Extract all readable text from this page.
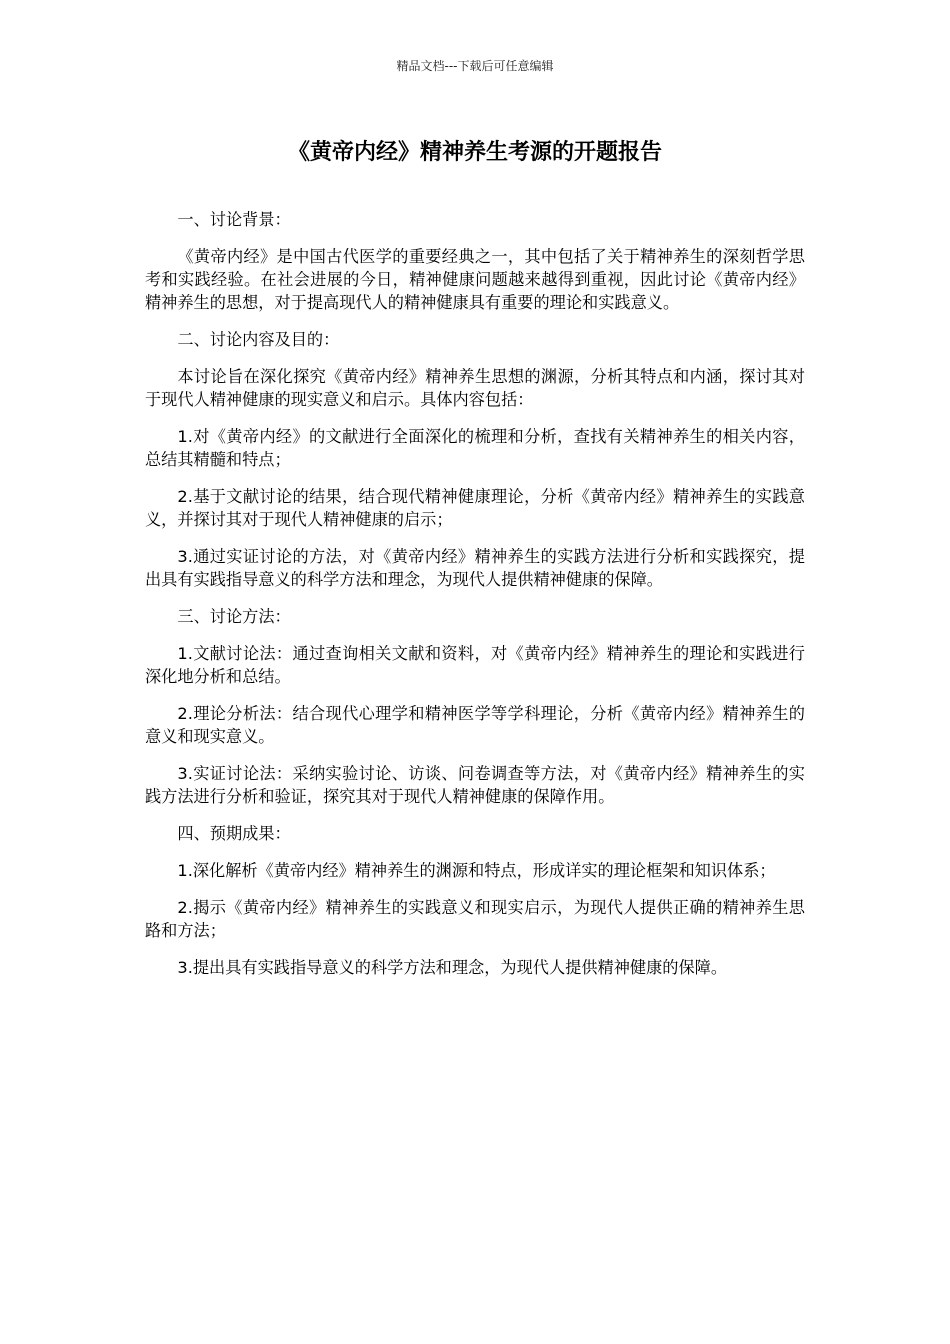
精品文档---下载后可任意编辑
《黄帝内经》精神养生考源的开题报告

一、讨论背景：

《黄帝内经》是中国古代医学的重要经典之一，其中包括了关于精神养生的深刻哲学思考和实践经验。在社会进展的今日，精神健康问题越来越得到重视，因此讨论《黄帝内经》精神养生的思想，对于提高现代人的精神健康具有重要的理论和实践意义。

二、讨论内容及目的：

本讨论旨在深化探究《黄帝内经》精神养生思想的渊源，分析其特点和内涵，探讨其对于现代人精神健康的现实意义和启示。具体内容包括：

1.对《黄帝内经》的文献进行全面深化的梳理和分析，查找有关精神养生的相关内容，总结其精髓和特点；

2.基于文献讨论的结果，结合现代精神健康理论，分析《黄帝内经》精神养生的实践意义，并探讨其对于现代人精神健康的启示；

3.通过实证讨论的方法，对《黄帝内经》精神养生的实践方法进行分析和实践探究，提出具有实践指导意义的科学方法和理念，为现代人提供精神健康的保障。

三、讨论方法：

1.文献讨论法：通过查询相关文献和资料，对《黄帝内经》精神养生的理论和实践进行深化地分析和总结。

2.理论分析法：结合现代心理学和精神医学等学科理论，分析《黄帝内经》精神养生的意义和现实意义。

3.实证讨论法：采纳实验讨论、访谈、问卷调查等方法，对《黄帝内经》精神养生的实践方法进行分析和验证，探究其对于现代人精神健康的保障作用。

四、预期成果：

1.深化解析《黄帝内经》精神养生的渊源和特点，形成详实的理论框架和知识体系；

2.揭示《黄帝内经》精神养生的实践意义和现实启示，为现代人提供正确的精神养生思路和方法；

3.提出具有实践指导意义的科学方法和理念，为现代人提供精神健康的保障。
